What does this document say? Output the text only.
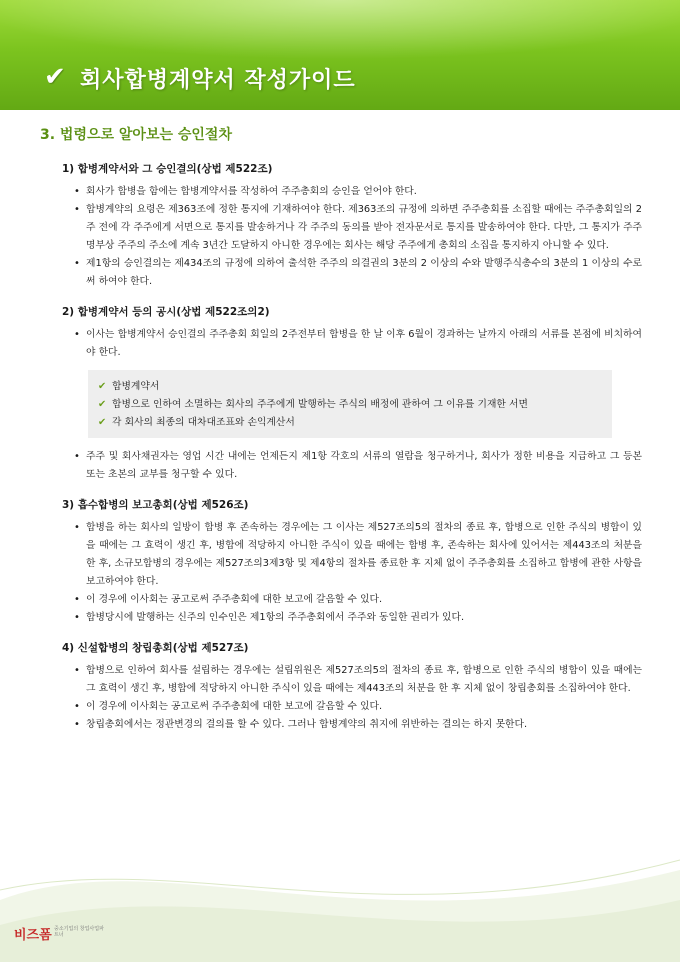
✔ 회사합병계약서 작성가이드
3. 법령으로 알아보는 승인절차
1) 합병계약서와 그 승인결의(상법 제522조)
• 회사가 합병을 함에는 합병계약서를 작성하여 주주총회의 승인을 얻어야 한다.
• 합병계약의 요령은 제363조에 정한 통지에 기재하여야 한다. 제363조의 규정에 의하면 주주총회를 소집할 때에는 주주총회일의 2주 전에 각 주주에게 서면으로 통지를 발송하거나 각 주주의 동의를 받아 전자문서로 통지를 발송하여야 한다. 다만, 그 통지가 주주명부상 주주의 주소에 계속 3년간 도달하지 아니한 경우에는 회사는 해당 주주에게 총회의 소집을 통지하지 아니할 수 있다.
• 제1항의 승인결의는 제434조의 규정에 의하여 출석한 주주의 의결권의 3분의 2 이상의 수와 발행주식총수의 3분의 1 이상의 수로써 하여야 한다.
2) 합병계약서 등의 공시(상법 제522조의2)
• 이사는 합병계약서 승인결의 주주총회 회일의 2주전부터 합병을 한 날 이후 6월이 경과하는 날까지 아래의 서류를 본점에 비치하여야 한다.
✔ 합병계약서
✔ 합병으로 인하여 소멸하는 회사의 주주에게 발행하는 주식의 배정에 관하여 그 이유를 기재한 서면
✔ 각 회사의 최종의 대차대조표와 손익계산서
• 주주 및 회사채권자는 영업 시간 내에는 언제든지 제1항 각호의 서류의 열람을 청구하거나, 회사가 정한 비용을 지급하고 그 등본 또는 초본의 교부를 청구할 수 있다.
3) 흡수합병의 보고총회(상법 제526조)
• 합병을 하는 회사의 일방이 합병 후 존속하는 경우에는 그 이사는 제527조의5의 절차의 종료 후, 합병으로 인한 주식의 병합이 있을 때에는 그 효력이 생긴 후, 병합에 적당하지 아니한 주식이 있을 때에는 합병 후, 존속하는 회사에 있어서는 제443조의 처분을 한 후, 소규모합병의 경우에는 제527조의3제3항 및 제4항의 절차를 종료한 후 지체 없이 주주총회를 소집하고 합병에 관한 사항을 보고하여야 한다.
• 이 경우에 이사회는 공고로써 주주총회에 대한 보고에 갈음할 수 있다.
• 합병당시에 발행하는 신주의 인수인은 제1항의 주주총회에서 주주와 동일한 권리가 있다.
4) 신설합병의 창립총회(상법 제527조)
• 합병으로 인하여 회사를 설립하는 경우에는 설립위원은 제527조의5의 절차의 종료 후, 합병으로 인한 주식의 병합이 있을 때에는 그 효력이 생긴 후, 병합에 적당하지 아니한 주식이 있을 때에는 제443조의 처분을 한 후 지체 없이 창립총회를 소집하여야 한다.
• 이 경우에 이사회는 공고로써 주주총회에 대한 보고에 갈음할 수 있다.
• 창립총회에서는 정관변경의 결의를 할 수 있다. 그러나 합병계약의 취지에 위반하는 결의는 하지 못한다.
비즈폼 중소기업의 창업사업파트너
